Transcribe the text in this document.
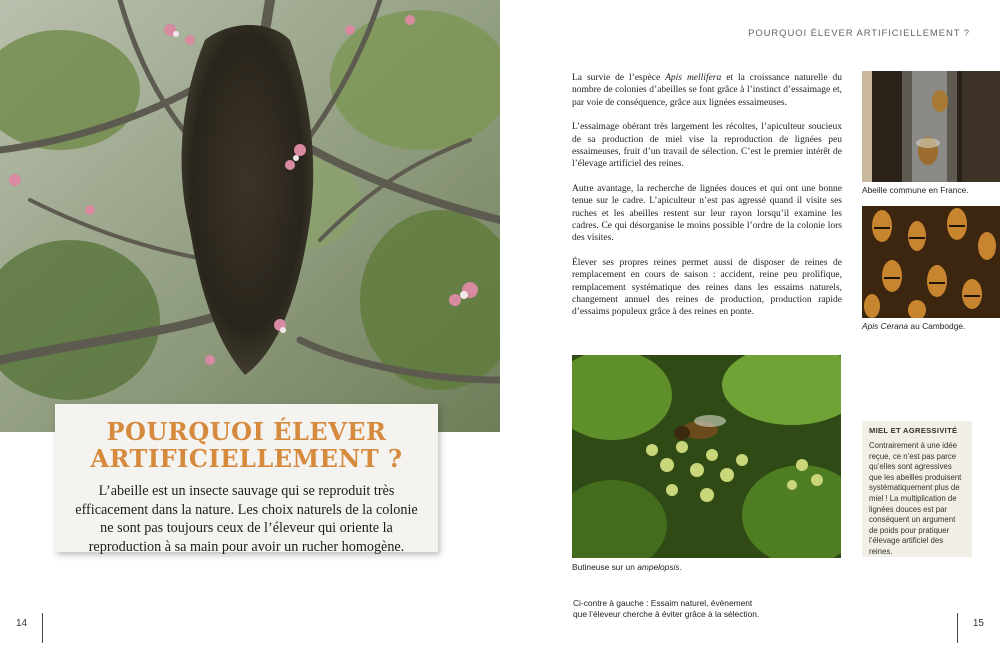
POURQUOI ÉLEVER
ARTIFICIELLEMENT ?

L’abeille est un insecte sauvage qui se reproduit très efficacement dans la nature. Les choix naturels de la colonie ne sont pas toujours ceux de l’éleveur qui oriente la reproduction à sa main pour avoir un rucher homogène.

14
POURQUOI ÉLEVER ARTIFICIELLEMENT ?

La survie de l’espèce Apis mellifera et la croissance naturelle du nombre de colonies d’abeilles se font grâce à l’instinct d’essaimage et, par voie de conséquence, grâce aux lignées essaimeuses.

L’essaimage obérant très largement les récoltes, l’apiculteur soucieux de sa production de miel vise la reproduction de lignées peu essaimeuses, fruit d’un travail de sélection. C’est le premier intérêt de l’élevage artificiel des reines.

Autre avantage, la recherche de lignées douces et qui ont une bonne tenue sur le cadre. L’apiculteur n’est pas agressé quand il visite ses ruches et les abeilles restent sur leur rayon lorsqu’il examine les cadres. Ce qui désorganise le moins possible l’ordre de la colonie lors des visites.

Élever ses propres reines permet aussi de disposer de reines de remplacement en cours de saison : accident, reine peu prolifique, remplacement systématique des reines dans les essaims naturels, changement annuel des reines de production, production rapide d’essaims populeux grâce à des reines en ponte.

Abeille commune en France.
Apis Cerana au Cambodge.
Butineuse sur un ampelopsis.
MIEL ET AGRESSIVITÉ
Contrairement à une idée reçue, ce n’est pas parce qu’elles sont agressives que les abeilles produisent systématiquement plus de miel ! La multiplication de lignées douces est par conséquent un argument de poids pour pratiquer l’élevage artificiel des reines.
Ci-contre à gauche : Essaim naturel, évènement
que l’éleveur cherche à éviter grâce à la sélection.
15
